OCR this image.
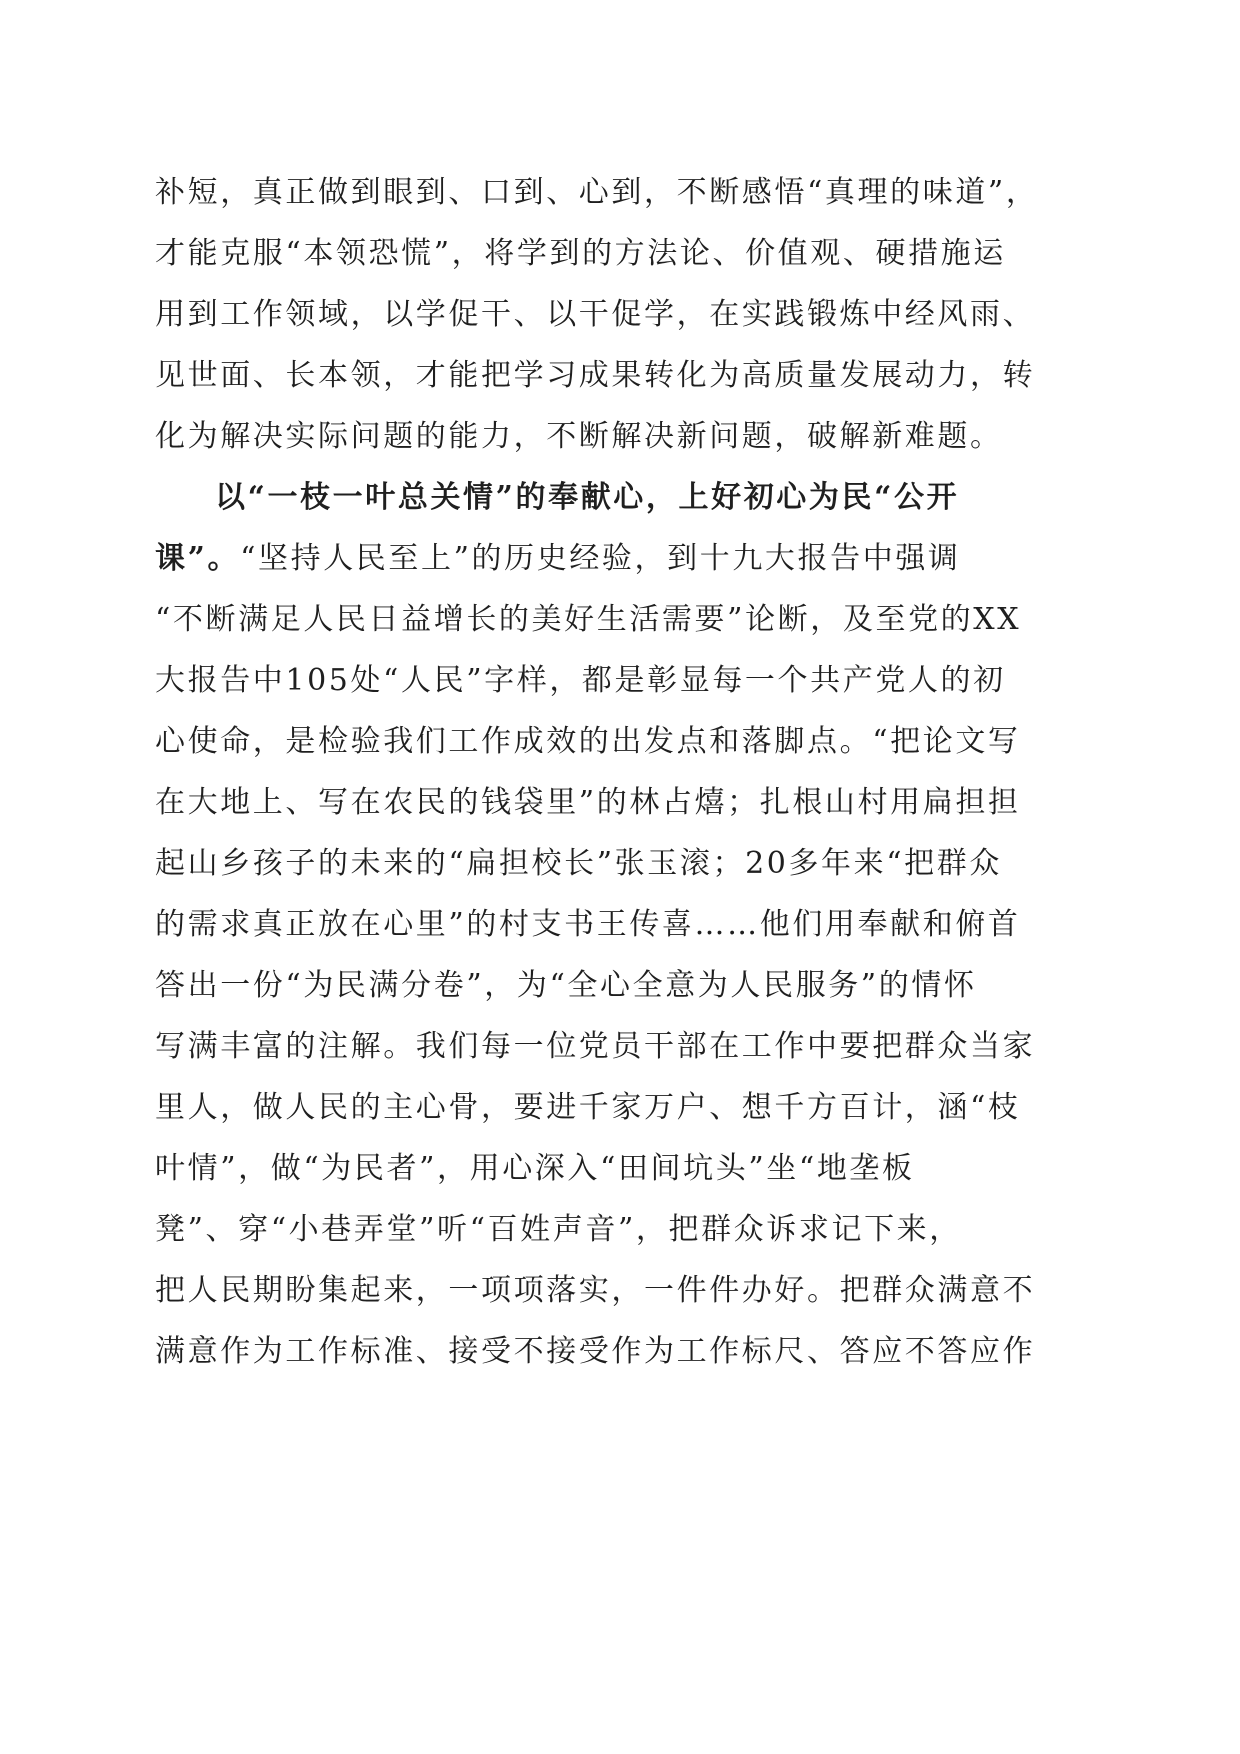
补短，真正做到眼到、口到、心到，不断感悟“真理的味道”，
才能克服“本领恐慌”，将学到的方法论、价值观、硬措施运
用到工作领域，以学促干、以干促学，在实践锻炼中经风雨、
见世面、长本领，才能把学习成果转化为高质量发展动力，转
化为解决实际问题的能力，不断解决新问题，破解新难题。
以“一枝一叶总关情”的奉献心，上好初心为民“公开
课”。“坚持人民至上”的历史经验，到十九大报告中强调
“不断满足人民日益增长的美好生活需要”论断，及至党的XX
大报告中105处“人民”字样，都是彰显每一个共产党人的初
心使命，是检验我们工作成效的出发点和落脚点。“把论文写
在大地上、写在农民的钱袋里”的林占熺；扎根山村用扁担担
起山乡孩子的未来的“扁担校长”张玉滚；20多年来“把群众
的需求真正放在心里”的村支书王传喜……他们用奉献和俯首
答出一份“为民满分卷”，为“全心全意为人民服务”的情怀
写满丰富的注解。我们每一位党员干部在工作中要把群众当家
里人，做人民的主心骨，要进千家万户、想千方百计，涵“枝
叶情”，做“为民者”，用心深入“田间坑头”坐“地垄板
凳”、穿“小巷弄堂”听“百姓声音”，把群众诉求记下来，
把人民期盼集起来，一项项落实，一件件办好。把群众满意不
满意作为工作标准、接受不接受作为工作标尺、答应不答应作
